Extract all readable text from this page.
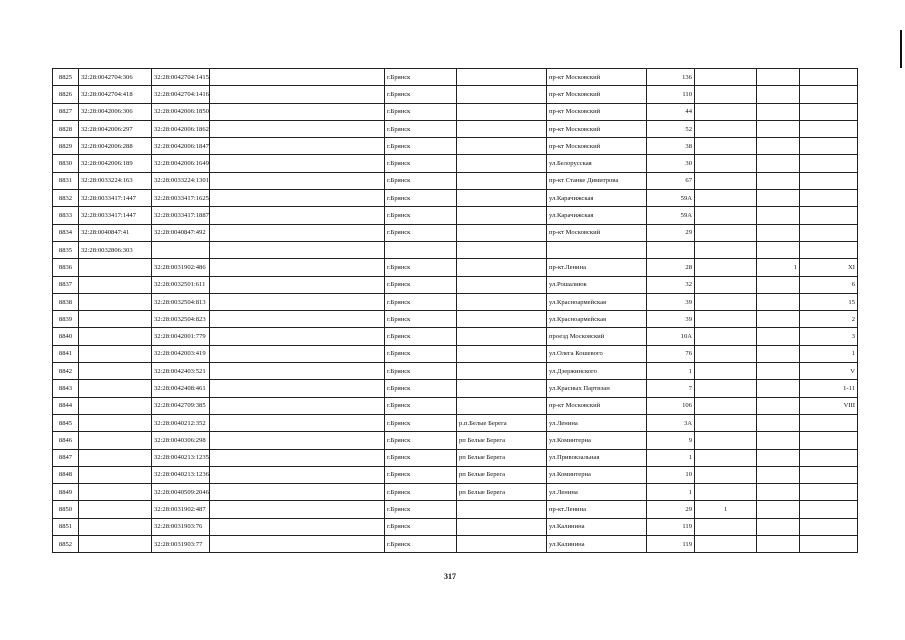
8825	32:28:0042704:306	32:28:0042704:1415		г.Брянск		пр-кт Московский	136			
8826	32:28:0042704:418	32:28:0042704:1416		г.Брянск		пр-кт Московский	110			
8827	32:28:0042006:306	32:28:0042006:1850		г.Брянск		пр-кт Московский	44			
8828	32:28:0042006:297	32:28:0042006:1862		г.Брянск		пр-кт Московский	52			
8829	32:28:0042006:288	32:28:0042006:1847		г.Брянск		пр-кт Московский	38			
8830	32:28:0042006:189	32:28:0042006:1649		г.Брянск		ул.Белорусская	30			
8831	32:28:0033224:163	32:28:0033224:1301		г.Брянск		пр-кт Станке Димитрова	67			
8832	32:28:0033417:1447	32:28:0033417:1625		г.Брянск		ул.Карачижская	59А			
8833	32:28:0033417:1447	32:28:0033417:1887		г.Брянск		ул.Карачижская	59А			
8834	32:28:0040847:41	32:28:0040847:492		г.Брянск		пр-кт Московский	29			
8835	32:28:0032806:303									
8836		32:28:0031902:486		г.Брянск		пр-кт.Ленина	28		1	XI
8837		32:28:0032501:611		г.Брянск		ул.Рошалиюк	32			6
8838		32:28:0032504:813		г.Брянск		ул.Красноармейская	39			15
8839		32:28:0032504:823		г.Брянск		ул.Красноармейская	39			2
8840		32:28:0042001:779		г.Брянск		проезд Московский	10А			3
8841		32:28:0042003:419		г.Брянск		ул.Олега Кошевого	76			1
8842		32:28:0042403:521		г.Брянск		ул.Дзержинского	1			V
8843		32:28:0042408:461		г.Брянск		ул.Красных Партизан	7			1-11
8844		32:28:0042709:385		г.Брянск		пр-кт Московский	106			VIII
8845		32:28:0040212:352		г.Брянск	р.п.Белые Берега	ул.Ленина	3А			
8846		32:28:0040306:298		г.Брянск	рп Белые Берега	ул.Коминтерна	9			
8847		32:28:0040213:1235		г.Брянск	рп Белые Берега	ул.Привокзальная	1			
8848		32:28:0040213:1236		г.Брянск	рп Белые Берега	ул.Коминтерна	10			
8849		32:28:0040509:2046		г.Брянск	рп Белые Берега	ул.Ленина	1			
8850		32:28:0031902:487		г.Брянск		пр-кт.Ленина	29	1		
8851		32:28:0031903:76		г.Брянск		ул.Калинина	119			
8852		32:28:0031903:77		г.Брянск		ул.Калинина	119			
317
